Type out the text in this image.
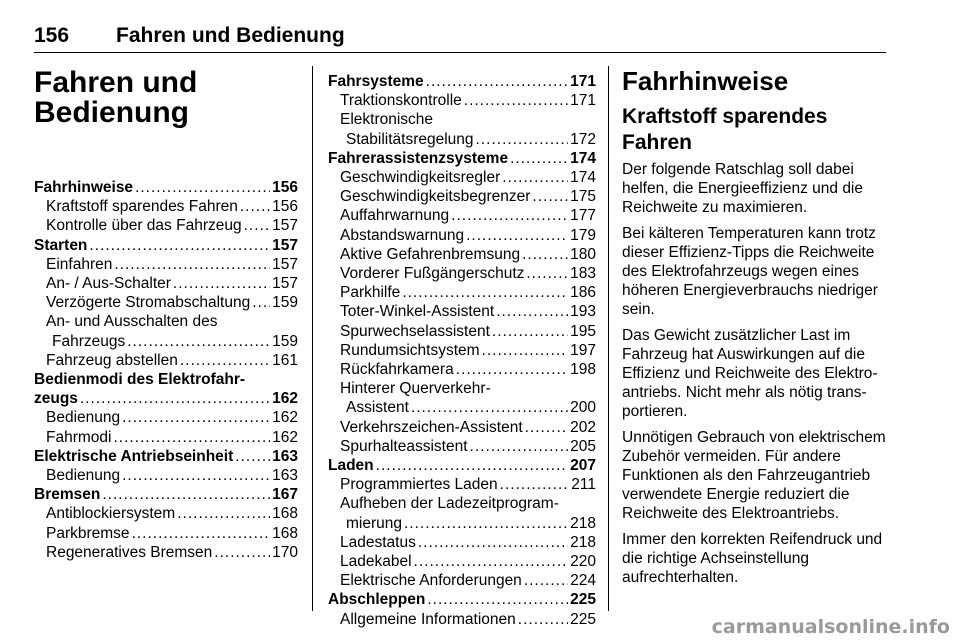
156 Fahren und Bedienung
Fahren und
Bedienung
Fahrhinweise .....	156
Kraftstoff sparendes Fahren ..... 156
Kontrolle über das Fahrzeug ..... 157
Starten .....	157
Einfahren .....	157
An- / Aus-Schalter .....	157
Verzögerte Stromabschaltung ..... 159
An- und Ausschalten des
Fahrzeugs .....	159
Fahrzeug abstellen .....	161
Bedienmodi des Elektrofahr-
zeugs .....	162
Bedienung .....	162
Fahrmodi .....	162
Elektrische Antriebseinheit .....	163
Bedienung .....	163
Bremsen .....	167
Antiblockiersystem .....	168
Parkbremse .....	168
Regeneratives Bremsen .....	170
Fahrsysteme .....	171
Traktionskontrolle .....	171
Elektronische
Stabilitätsregelung .....	172
Fahrerassistenzsysteme .....	174
Geschwindigkeitsregler .....	174
Geschwindigkeitsbegrenzer .....	175
Auffahrwarnung .....	177
Abstandswarnung .....	179
Aktive Gefahrenbremsung .....	180
Vorderer Fußgängerschutz .....	183
Parkhilfe .....	186
Toter-Winkel-Assistent .....	193
Spurwechselassistent .....	195
Rundumsichtsystem .....	197
Rückfahrkamera .....	198
Hinterer Querverkehr-
Assistent .....	200
Verkehrszeichen-Assistent .....	202
Spurhalteassistent .....	205
Laden .....	207
Programmiertes Laden .....	211
Aufheben der Ladezeitprogram-
mierung .....	218
Ladestatus .....	218
Ladekabel .....	220
Elektrische Anforderungen .....	224
Abschleppen .....	225
Allgemeine Informationen .....	225
Fahrhinweise
Kraftstoff sparendes Fahren

Der folgende Ratschlag soll dabei helfen, die Energieeffizienz und die Reichweite zu maximieren.

Bei kälteren Temperaturen kann trotz dieser Effizienz-Tipps die Reichweite des Elektrofahrzeugs wegen eines höheren Energieverbrauchs niedriger sein.

Das Gewicht zusätzlicher Last im Fahrzeug hat Auswirkungen auf die Effizienz und Reichweite des Elektroantriebs. Nicht mehr als nötig transportieren.

Unnötigen Gebrauch von elektrischem Zubehör vermeiden. Für andere Funktionen als den Fahrzeugantrieb verwendete Energie reduziert die Reichweite des Elektroantriebs.

Immer den korrekten Reifendruck und die richtige Achseinstellung aufrechterhalten.

carmanualsonline.info
